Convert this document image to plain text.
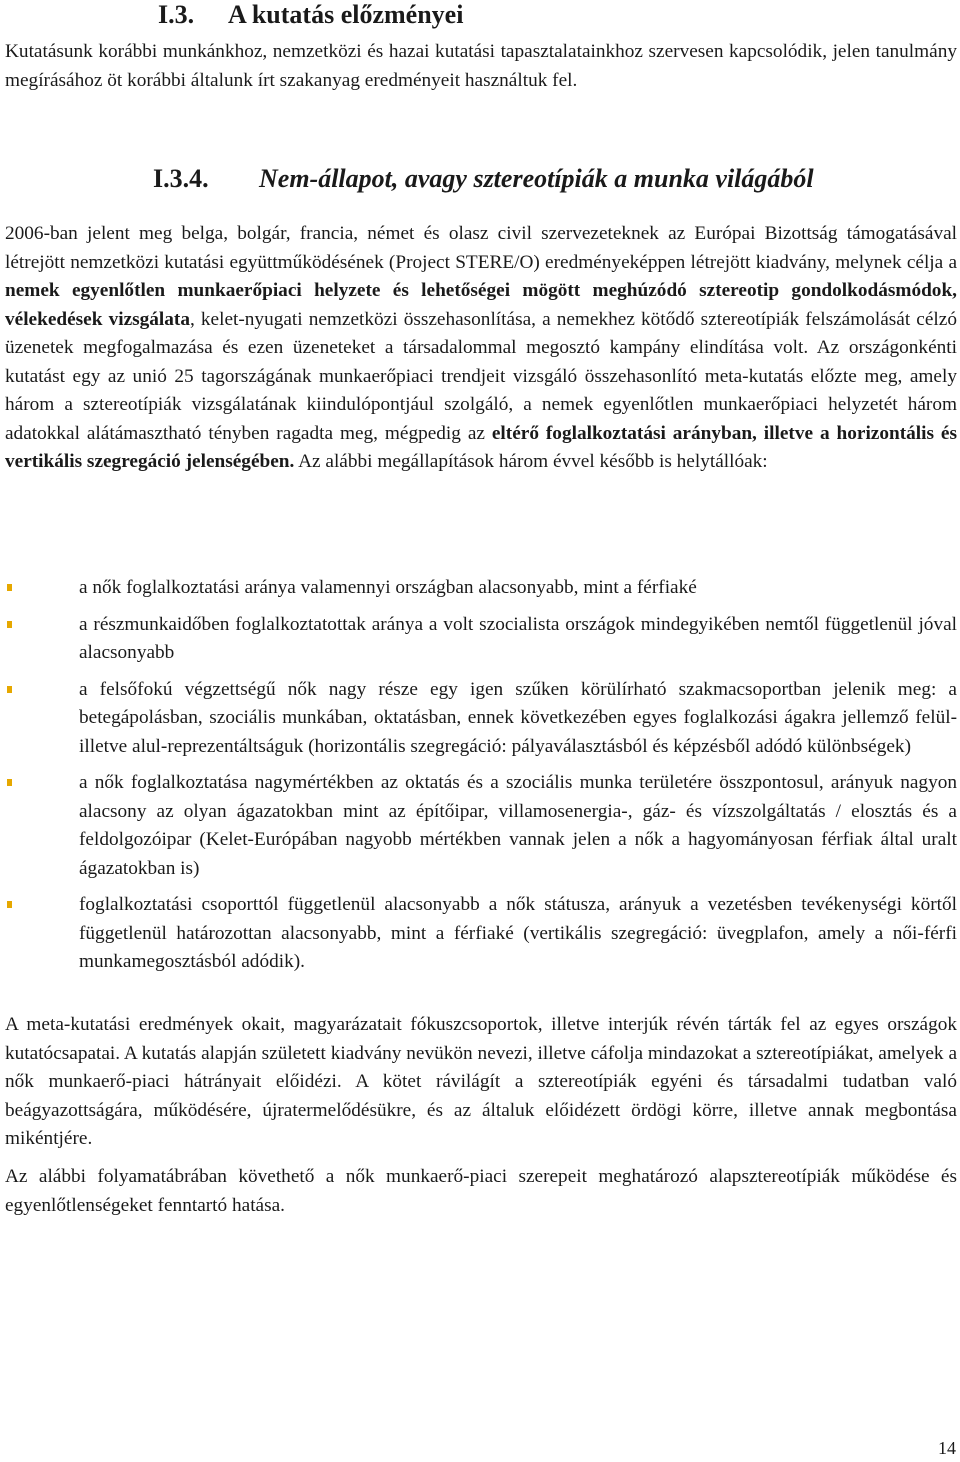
I.3. A kutatás előzményei

Kutatásunk korábbi munkánkhoz, nemzetközi és hazai kutatási tapasztalatainkhoz szervesen kapcsolódik, jelen tanulmány megírásához öt korábbi általunk írt szakanyag eredményeit használtuk fel.

I.3.4. Nem-állapot, avagy sztereotípiák a munka világából

2006-ban jelent meg belga, bolgár, francia, német és olasz civil szervezeteknek az Európai Bizottság támogatásával létrejött nemzetközi kutatási együttműködésének (Project STERE/O) eredményeképpen létrejött kiadvány, melynek célja a nemek egyenlőtlen munkaerőpiaci helyzete és lehetőségei mögött meghúzódó sztereotip gondolkodásmódok, vélekedések vizsgálata, kelet-nyugati nemzetközi összehasonlítása, a nemekhez kötődő sztereotípiák felszámolását célzó üzenetek megfogalmazása és ezen üzeneteket a társadalommal megosztó kampány elindítása volt. Az országonkénti kutatást egy az unió 25 tagországának munkaerőpiaci trendjeit vizsgáló összehasonlító meta-kutatás előzte meg, amely három a sztereotípiák vizsgálatának kiindulópontjául szolgáló, a nemek egyenlőtlen munkaerőpiaci helyzetét három adatokkal alátámasztható tényben ragadta meg, mégpedig az eltérő foglalkoztatási arányban, illetve a horizontális és vertikális szegregáció jelenségében. Az alábbi megállapítások három évvel később is helytállóak:

a nők foglalkoztatási aránya valamennyi országban alacsonyabb, mint a férfiaké
a részmunkaidőben foglalkoztatottak aránya a volt szocialista országok mindegyikében nemtől függetlenül jóval alacsonyabb
a felsőfokú végzettségű nők nagy része egy igen szűken körülírható szakmacsoportban jelenik meg: a betegápolásban, szociális munkában, oktatásban, ennek következében egyes foglalkozási ágakra jellemző felül- illetve alul-reprezentáltságuk (horizontális szegregáció: pályaválasztásból és képzésből adódó különbségek)
a nők foglalkoztatása nagymértékben az oktatás és a szociális munka területére összpontosul, arányuk nagyon alacsony az olyan ágazatokban mint az építőipar, villamosenergia-, gáz- és vízszolgáltatás / elosztás és a feldolgozóipar (Kelet-Európában nagyobb mértékben vannak jelen a nők a hagyományosan férfiak által uralt ágazatokban is)
foglalkoztatási csoporttól függetlenül alacsonyabb a nők státusza, arányuk a vezetésben tevékenységi körtől függetlenül határozottan alacsonyabb, mint a férfiaké (vertikális szegregáció: üvegplafon, amely a női-férfi munkamegosztásból adódik).

A meta-kutatási eredmények okait, magyarázatait fókuszcsoportok, illetve interjúk révén tárták fel az egyes országok kutatócsapatai. A kutatás alapján született kiadvány nevükön nevezi, illetve cáfolja mindazokat a sztereotípiákat, amelyek a nők munkaerő-piaci hátrányait előidézi. A kötet rávilágít a sztereotípiák egyéni és társadalmi tudatban való beágyazottságára, működésére, újratermelődésükre, és az általuk előidézett ördögi körre, illetve annak megbontása mikéntjére.

Az alábbi folyamatábrában követhető a nők munkaerő-piaci szerepeit meghatározó alapsztereotípiák működése és egyenlőtlenségeket fenntartó hatása.

14
